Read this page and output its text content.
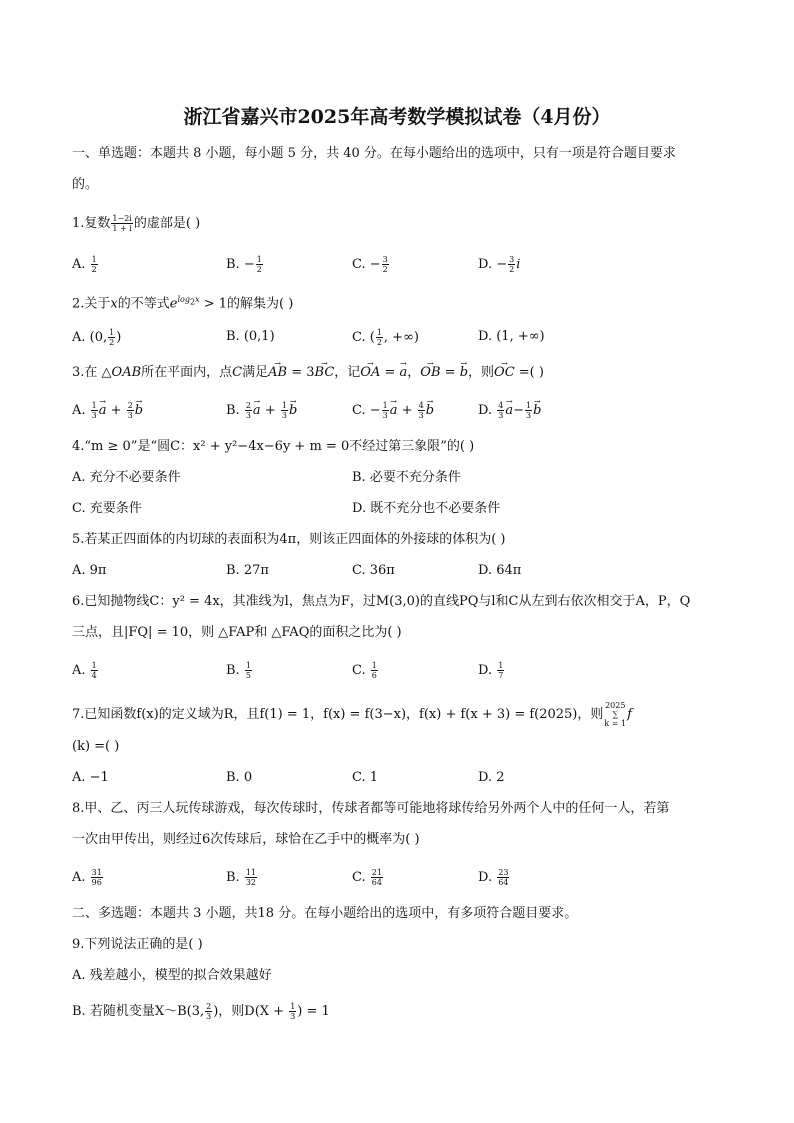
浙江省嘉兴市2025年高考数学模拟试卷（4月份）
一、单选题：本题共 8 小题，每小题 5 分，共 40 分。在每小题给出的选项中，只有一项是符合题目要求
的。
1.复数 $\frac{1-2i}{1 + i}$ 的虚部是( )
A. $\frac{1}{2}$	B. − $\frac{1}{2}$	C. − $\frac{3}{2}$	D. − $\frac{3}{2}$ i
2.关于x的不等式$e^{log_2x} > 1$的解集为( )
A. (0, $\frac{1}{2}$ )	B. (0,1)	C. ( $\frac{1}{2}$ , +∞)	D. (1, +∞)
3.在 △OAB所在平面内，点C满足→ AB = 3→ BC，记→ OA = → a，→ OB = → b，则→ OC =( )
A. $\frac{1}{3}$
→ $a + \frac{2}{3}$
→ b	B. $\frac{2}{3}$
→ $a + \frac{1}{3}$
→ b	C. − $\frac{1}{3}$
→ $a + \frac{4}{3}$
→ b	D. $\frac{4}{3}$
→ $a- \frac{1}{3}$
→ b
4.“m ≥ 0”是“圆C：x² + y²−4x−6y + m = 0不经过第三象限”的( )
A. 充分不必要条件	B. 必要不充分条件
C. 充要条件	D. 既不充分也不必要条件
5.若某正四面体的内切球的表面积为4π，则该正四面体的外接球的体积为( )
A. 9π	B. 27π	C. 36π	D. 64π
6.已知抛物线C：y² = 4x，其准线为l，焦点为F，过M(3,0)的直线PQ与l和C从左到右依次相交于A，P，Q
三点，且|FQ| = 10，则 △FAP和 △FAQ的面积之比为( )
A. $\frac{1}{4}$	B. $\frac{1}{5}$	C. $\frac{1}{6}$	D. $\frac{1}{7}$
7.已知函数f(x)的定义域为R，且f(1) = 1，f(x) = f(3−x)，f(x) + f(x + 3) = f(2025)，则
2025
∑
k = 1
f
(k) =( )
A. −1	B. 0	C. 1	D. 2
8.甲、乙、丙三人玩传球游戏，每次传球时，传球者都等可能地将球传给另外两个人中的任何一人，若第
一次由甲传出，则经过6次传球后，球恰在乙手中的概率为( )
A. $\frac{31}{96}$	B. $\frac{11}{32}$	C. $\frac{21}{64}$	D. $\frac{23}{64}$
二、多选题：本题共 3 小题，共18 分。在每小题给出的选项中，有多项符合题目要求。
9.下列说法正确的是( )
A. 残差越小，模型的拟合效果越好
B. 若随机变量X～B(3, $\frac{2}{3}$ )，则$D(X + \frac{1}{3}$ ) = 1
